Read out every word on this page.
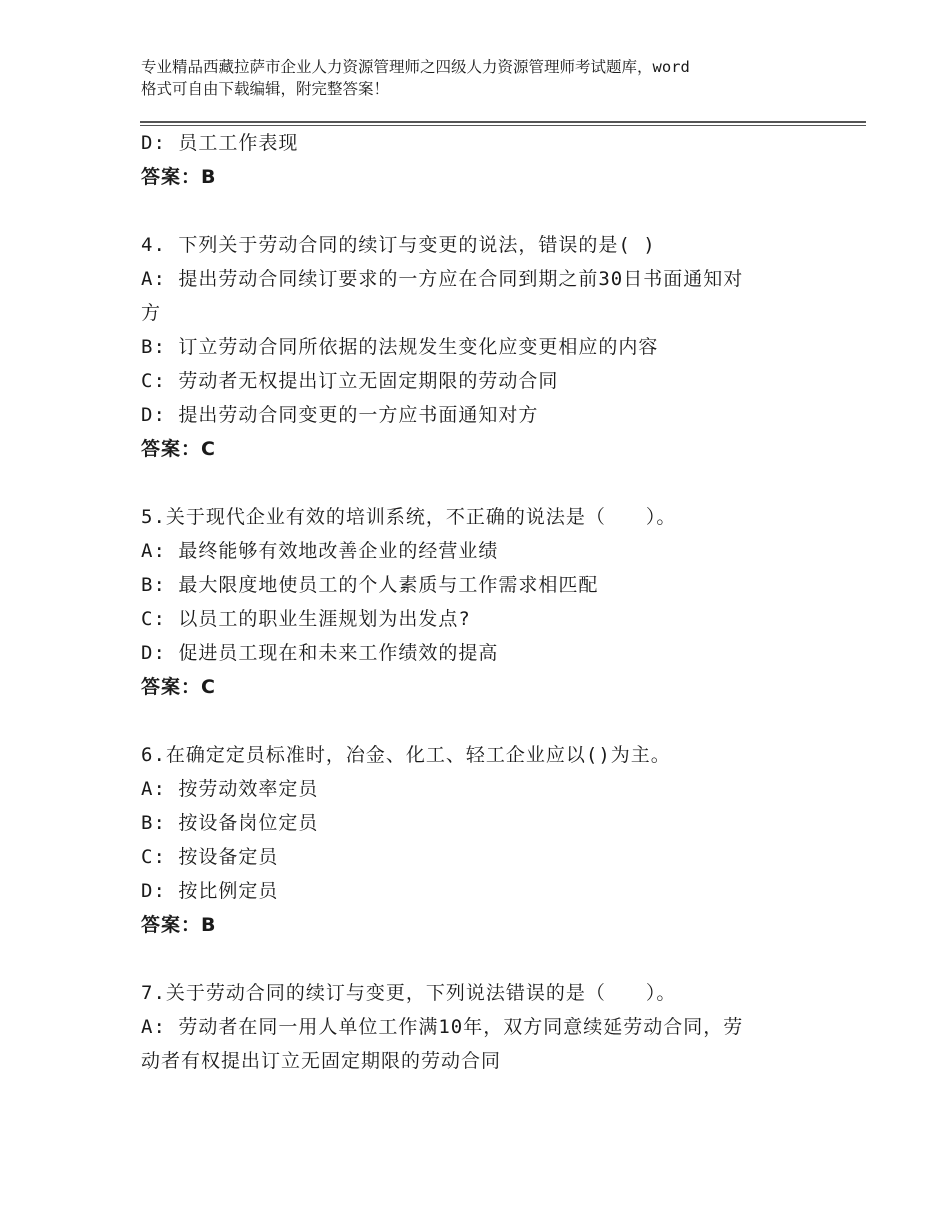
专业精品西藏拉萨市企业人力资源管理师之四级人力资源管理师考试题库，word
格式可自由下载编辑，附完整答案！
D: 员工工作表现
答案：B
4. 下列关于劳动合同的续订与变更的说法，错误的是( )
A: 提出劳动合同续订要求的一方应在合同到期之前30日书面通知对
方
B: 订立劳动合同所依据的法规发生变化应变更相应的内容
C: 劳动者无权提出订立无固定期限的劳动合同
D: 提出劳动合同变更的一方应书面通知对方
答案：C
5.关于现代企业有效的培训系统，不正确的说法是（　　）。
A: 最终能够有效地改善企业的经营业绩
B: 最大限度地使员工的个人素质与工作需求相匹配
C: 以员工的职业生涯规划为出发点?
D: 促进员工现在和未来工作绩效的提高
答案：C
6.在确定定员标准时，冶金、化工、轻工企业应以()为主。
A: 按劳动效率定员
B: 按设备岗位定员
C: 按设备定员
D: 按比例定员
答案：B
7.关于劳动合同的续订与变更，下列说法错误的是（　　）。
A: 劳动者在同一用人单位工作满10年，双方同意续延劳动合同，劳
动者有权提出订立无固定期限的劳动合同
